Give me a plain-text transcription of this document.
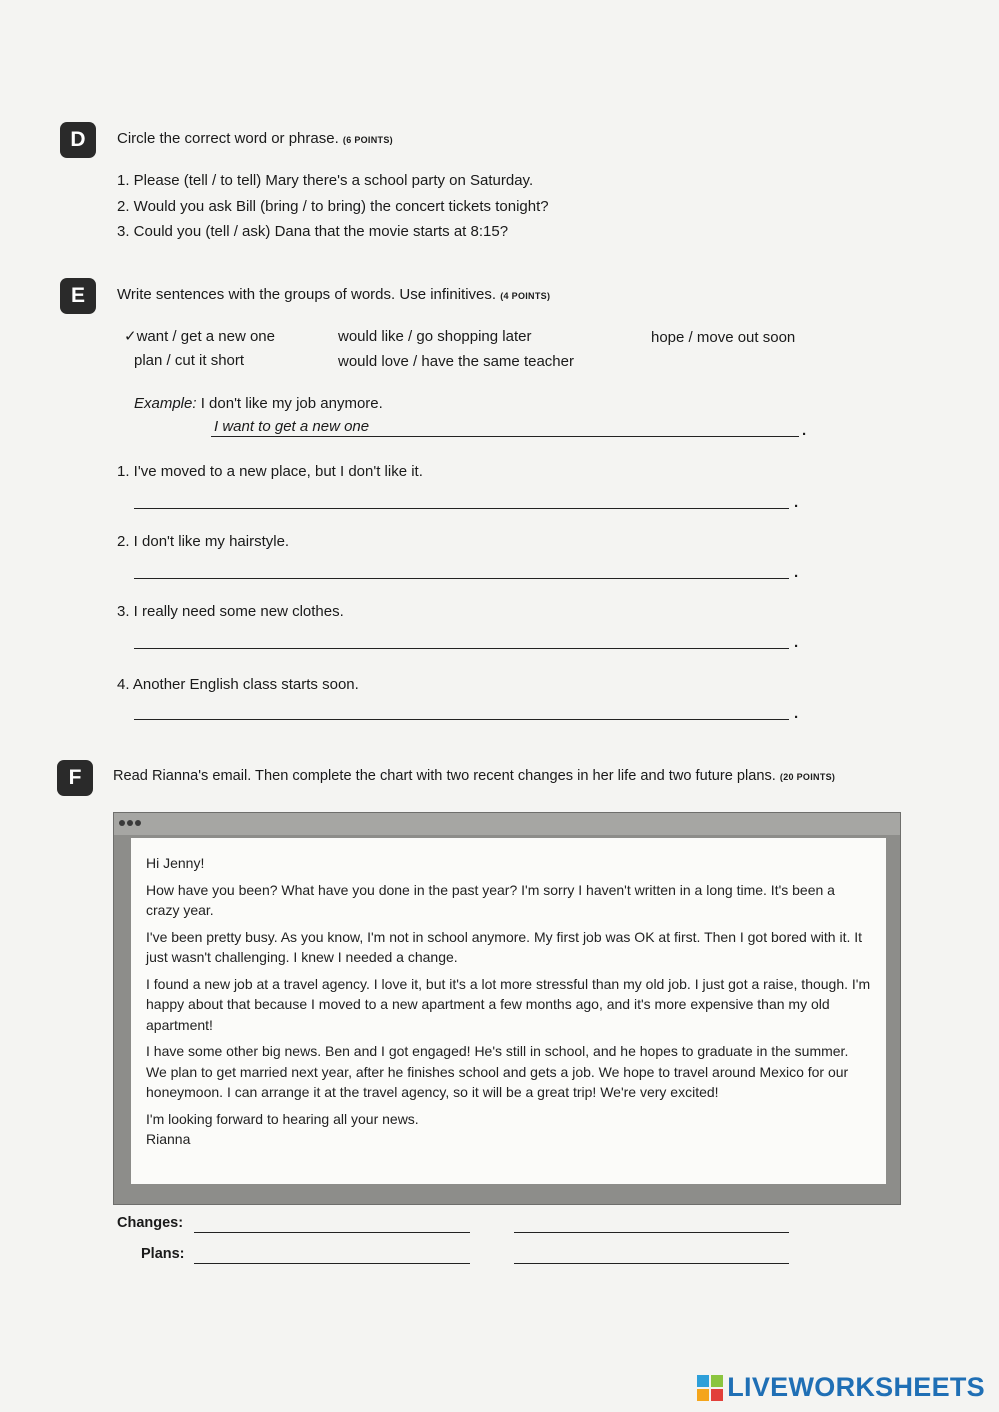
D	Circle the correct word or phrase. (6 POINTS)
1. Please (tell / to tell) Mary there's a school party on Saturday.
2. Would you ask Bill (bring / to bring) the concert tickets tonight?
3. Could you (tell / ask) Dana that the movie starts at 8:15?
E	Write sentences with the groups of words. Use infinitives. (4 POINTS)
✓want / get a new one	would like / go shopping later	hope / move out soon
plan / cut it short	would love / have the same teacher
Example: I don't like my job anymore.
I want to get a new one	.
1. I've moved to a new place, but I don't like it.
.
2. I don't like my hairstyle.
.
3. I really need some new clothes.
.
4. Another English class starts soon.
.
F	Read Rianna's email. Then complete the chart with two recent changes in her life and two future plans. (20 POINTS)

Hi Jenny!

How have you been? What have you done in the past year? I'm sorry I haven't written in a long time. It's been a crazy year.

I've been pretty busy. As you know, I'm not in school anymore. My first job was OK at first. Then I got bored with it. It just wasn't challenging. I knew I needed a change.

I found a new job at a travel agency. I love it, but it's a lot more stressful than my old job. I just got a raise, though. I'm happy about that because I moved to a new apartment a few months ago, and it's more expensive than my old apartment!

I have some other big news. Ben and I got engaged! He's still in school, and he hopes to graduate in the summer. We plan to get married next year, after he finishes school and gets a job. We hope to travel around Mexico for our honeymoon. I can arrange it at the travel agency, so it will be a great trip! We're very excited!

I'm looking forward to hearing all your news.

Rianna

Changes:
Plans:
LIVEWORKSHEETS
